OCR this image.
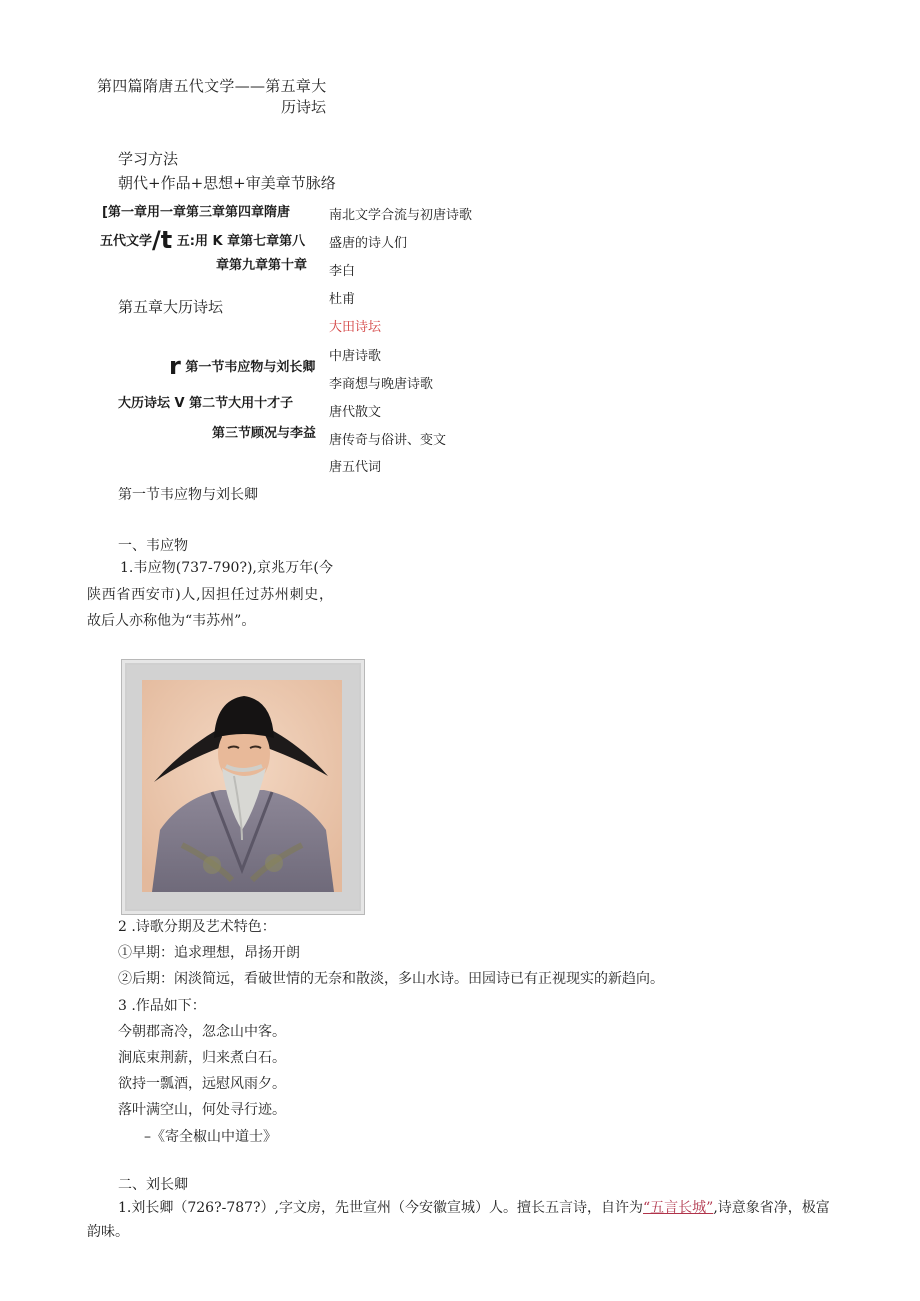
第四篇隋唐五代文学——第五章大
历诗坛
学习方法
朝代+作品+思想+审美章节脉络
[第一章用一章第三章第四章隋唐
五代文学/t 五:用 K 章第七章第八
章第九章第十章
南北文学合流与初唐诗歌
盛唐的诗人们
李白
杜甫
大田诗坛
中唐诗歌
李商想与晚唐诗歌
唐代散文
唐传奇与俗讲、变文
唐五代词
第五章大历诗坛
r 第一节韦应物与刘长卿
大历诗坛 V 第二节大用十才子
第三节顾况与李益
第一节韦应物与刘长卿
一、韦应物
1.韦应物(737-790?),京兆万年(今陕西省西安市)人,因担任过苏州刺史，故后人亦称他为“韦苏州”。
2 .诗歌分期及艺术特色：
①早期：追求理想，昂扬开朗
②后期：闲淡简远，看破世情的无奈和散淡，多山水诗。田园诗已有正视现实的新趋向。
3 .作品如下：
今朝郡斋冷，忽念山中客。
涧底束荆薪，归来煮白石。
欲持一瓢酒，远慰风雨夕。
落叶满空山，何处寻行迹。
–《寄全椒山中道士》
二、刘长卿
1.刘长卿（726?-787?）,字文房，先世宣州（今安徽宣城）人。擅长五言诗，自许为“五言长城”,诗意象省净，极富韵味。
